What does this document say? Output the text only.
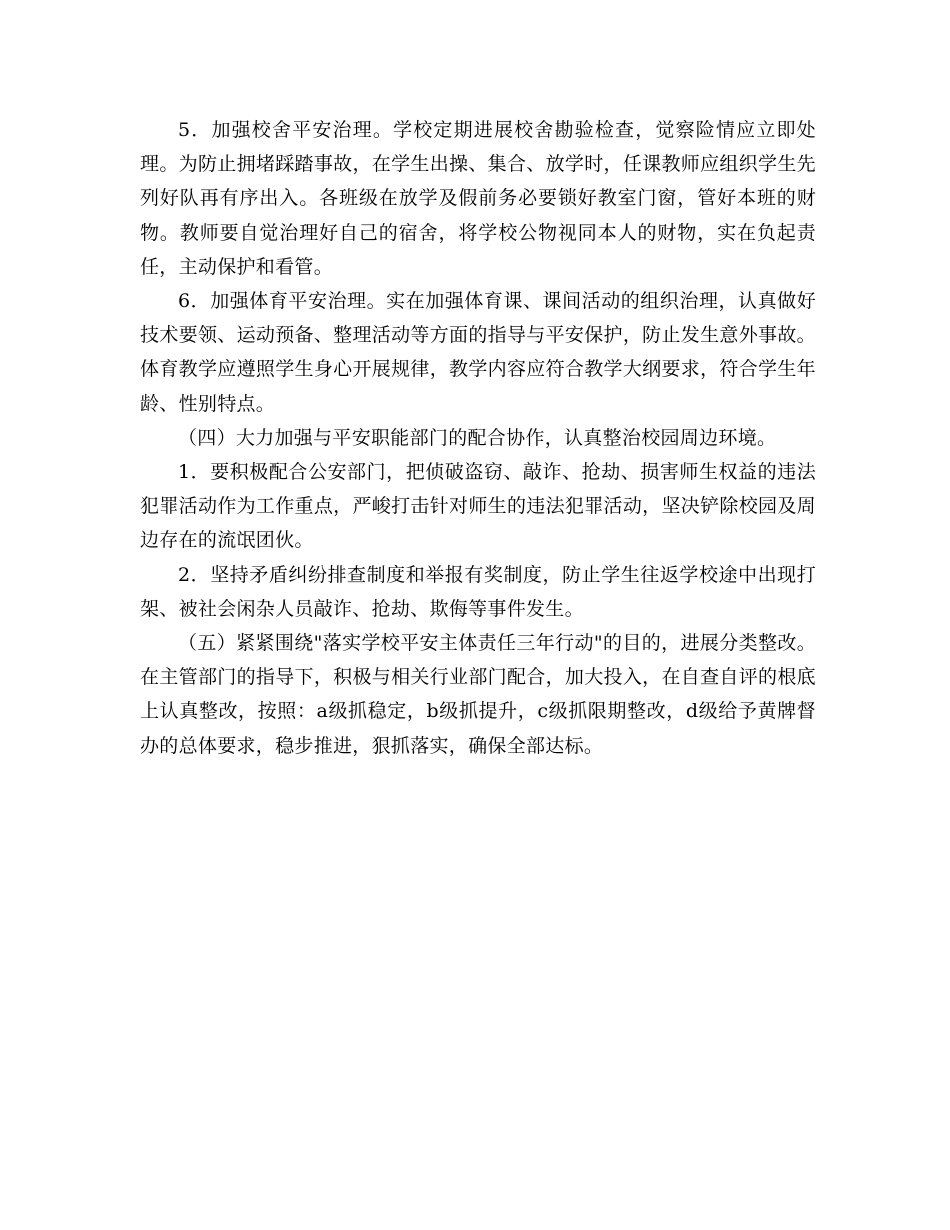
5．加强校舍平安治理。学校定期进展校舍勘验检查，觉察险情应立即处理。为防止拥堵踩踏事故，在学生出操、集合、放学时，任课教师应组织学生先列好队再有序出入。各班级在放学及假前务必要锁好教室门窗，管好本班的财物。教师要自觉治理好自己的宿舍，将学校公物视同本人的财物，实在负起责任，主动保护和看管。

6．加强体育平安治理。实在加强体育课、课间活动的组织治理，认真做好技术要领、运动预备、整理活动等方面的指导与平安保护，防止发生意外事故。体育教学应遵照学生身心开展规律，教学内容应符合教学大纲要求，符合学生年龄、性别特点。

（四）大力加强与平安职能部门的配合协作，认真整治校园周边环境。

1．要积极配合公安部门，把侦破盗窃、敲诈、抢劫、损害师生权益的违法犯罪活动作为工作重点，严峻打击针对师生的违法犯罪活动，坚决铲除校园及周边存在的流氓团伙。

2．坚持矛盾纠纷排查制度和举报有奖制度，防止学生往返学校途中出现打架、被社会闲杂人员敲诈、抢劫、欺侮等事件发生。

（五）紧紧围绕"落实学校平安主体责任三年行动"的目的，进展分类整改。在主管部门的指导下，积极与相关行业部门配合，加大投入，在自查自评的根底上认真整改，按照：a级抓稳定，b级抓提升，c级抓限期整改，d级给予黄牌督办的总体要求，稳步推进，狠抓落实，确保全部达标。
